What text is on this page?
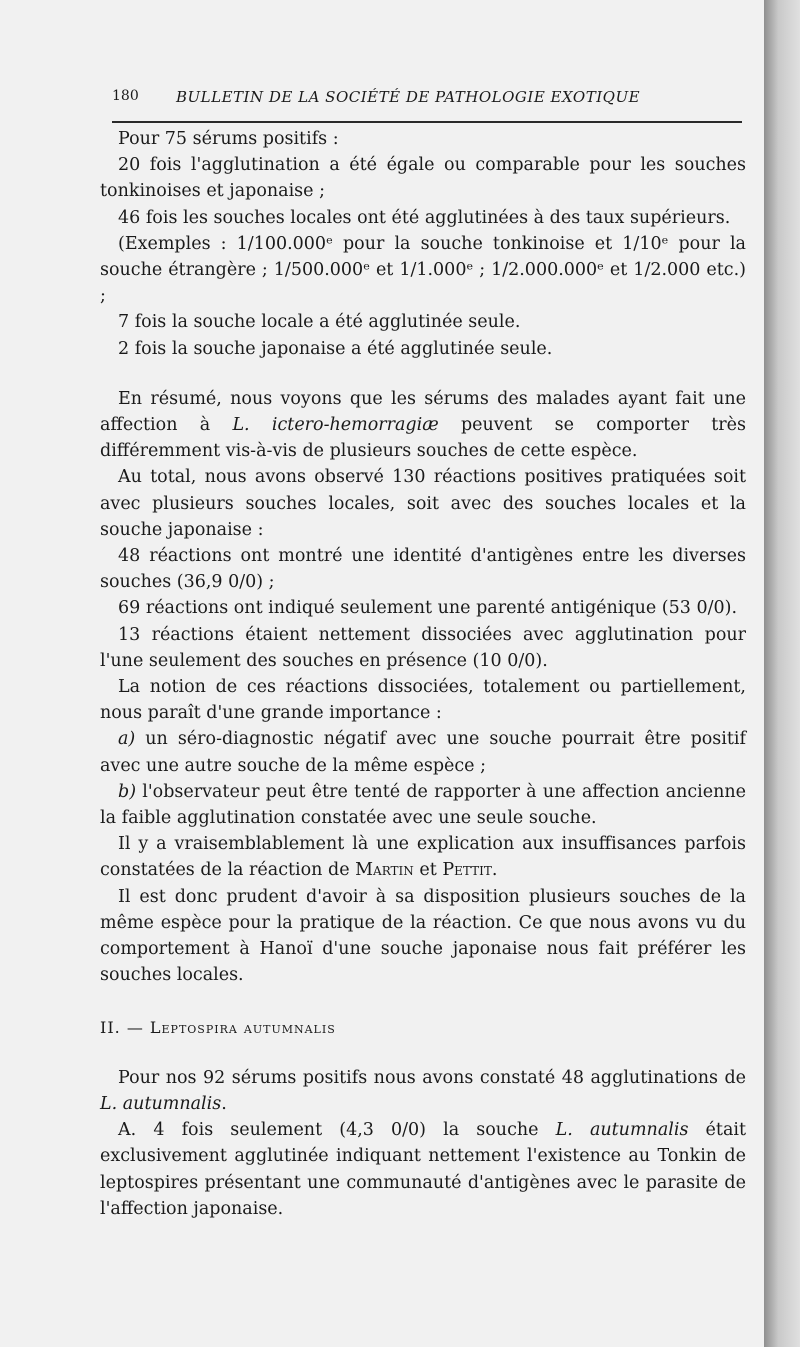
180 BULLETIN DE LA SOCIÉTÉ DE PATHOLOGIE EXOTIQUE

Pour 75 sérums positifs :

20 fois l'agglutination a été égale ou comparable pour les souches tonkinoises et japonaise ;

46 fois les souches locales ont été agglutinées à des taux supérieurs.

(Exemples : 1/100.000ᵉ pour la souche tonkinoise et 1/10ᵉ pour la souche étrangère ; 1/500.000ᵉ et 1/1.000ᵉ ; 1/2.000.000ᵉ et 1/2.000 etc.) ;

7 fois la souche locale a été agglutinée seule.

2 fois la souche japonaise a été agglutinée seule.

En résumé, nous voyons que les sérums des malades ayant fait une affection à L. ictero-hemorragiæ peuvent se comporter très différemment vis-à-vis de plusieurs souches de cette espèce.

Au total, nous avons observé 130 réactions positives pratiquées soit avec plusieurs souches locales, soit avec des souches locales et la souche japonaise :

48 réactions ont montré une identité d'antigènes entre les diverses souches (36,9 0/0) ;

69 réactions ont indiqué seulement une parenté antigénique (53 0/0).

13 réactions étaient nettement dissociées avec agglutination pour l'une seulement des souches en présence (10 0/0).

La notion de ces réactions dissociées, totalement ou partiellement, nous paraît d'une grande importance :

a) un séro-diagnostic négatif avec une souche pourrait être positif avec une autre souche de la même espèce ;

b) l'observateur peut être tenté de rapporter à une affection ancienne la faible agglutination constatée avec une seule souche.

Il y a vraisemblablement là une explication aux insuffisances parfois constatées de la réaction de Martin et Pettit.

Il est donc prudent d'avoir à sa disposition plusieurs souches de la même espèce pour la pratique de la réaction. Ce que nous avons vu du comportement à Hanoï d'une souche japonaise nous fait préférer les souches locales.

II. — Leptospira autumnalis

Pour nos 92 sérums positifs nous avons constaté 48 agglutinations de L. autumnalis.

A. 4 fois seulement (4,3 0/0) la souche L. autumnalis était exclusivement agglutinée indiquant nettement l'existence au Tonkin de leptospires présentant une communauté d'antigènes avec le parasite de l'affection japonaise.
